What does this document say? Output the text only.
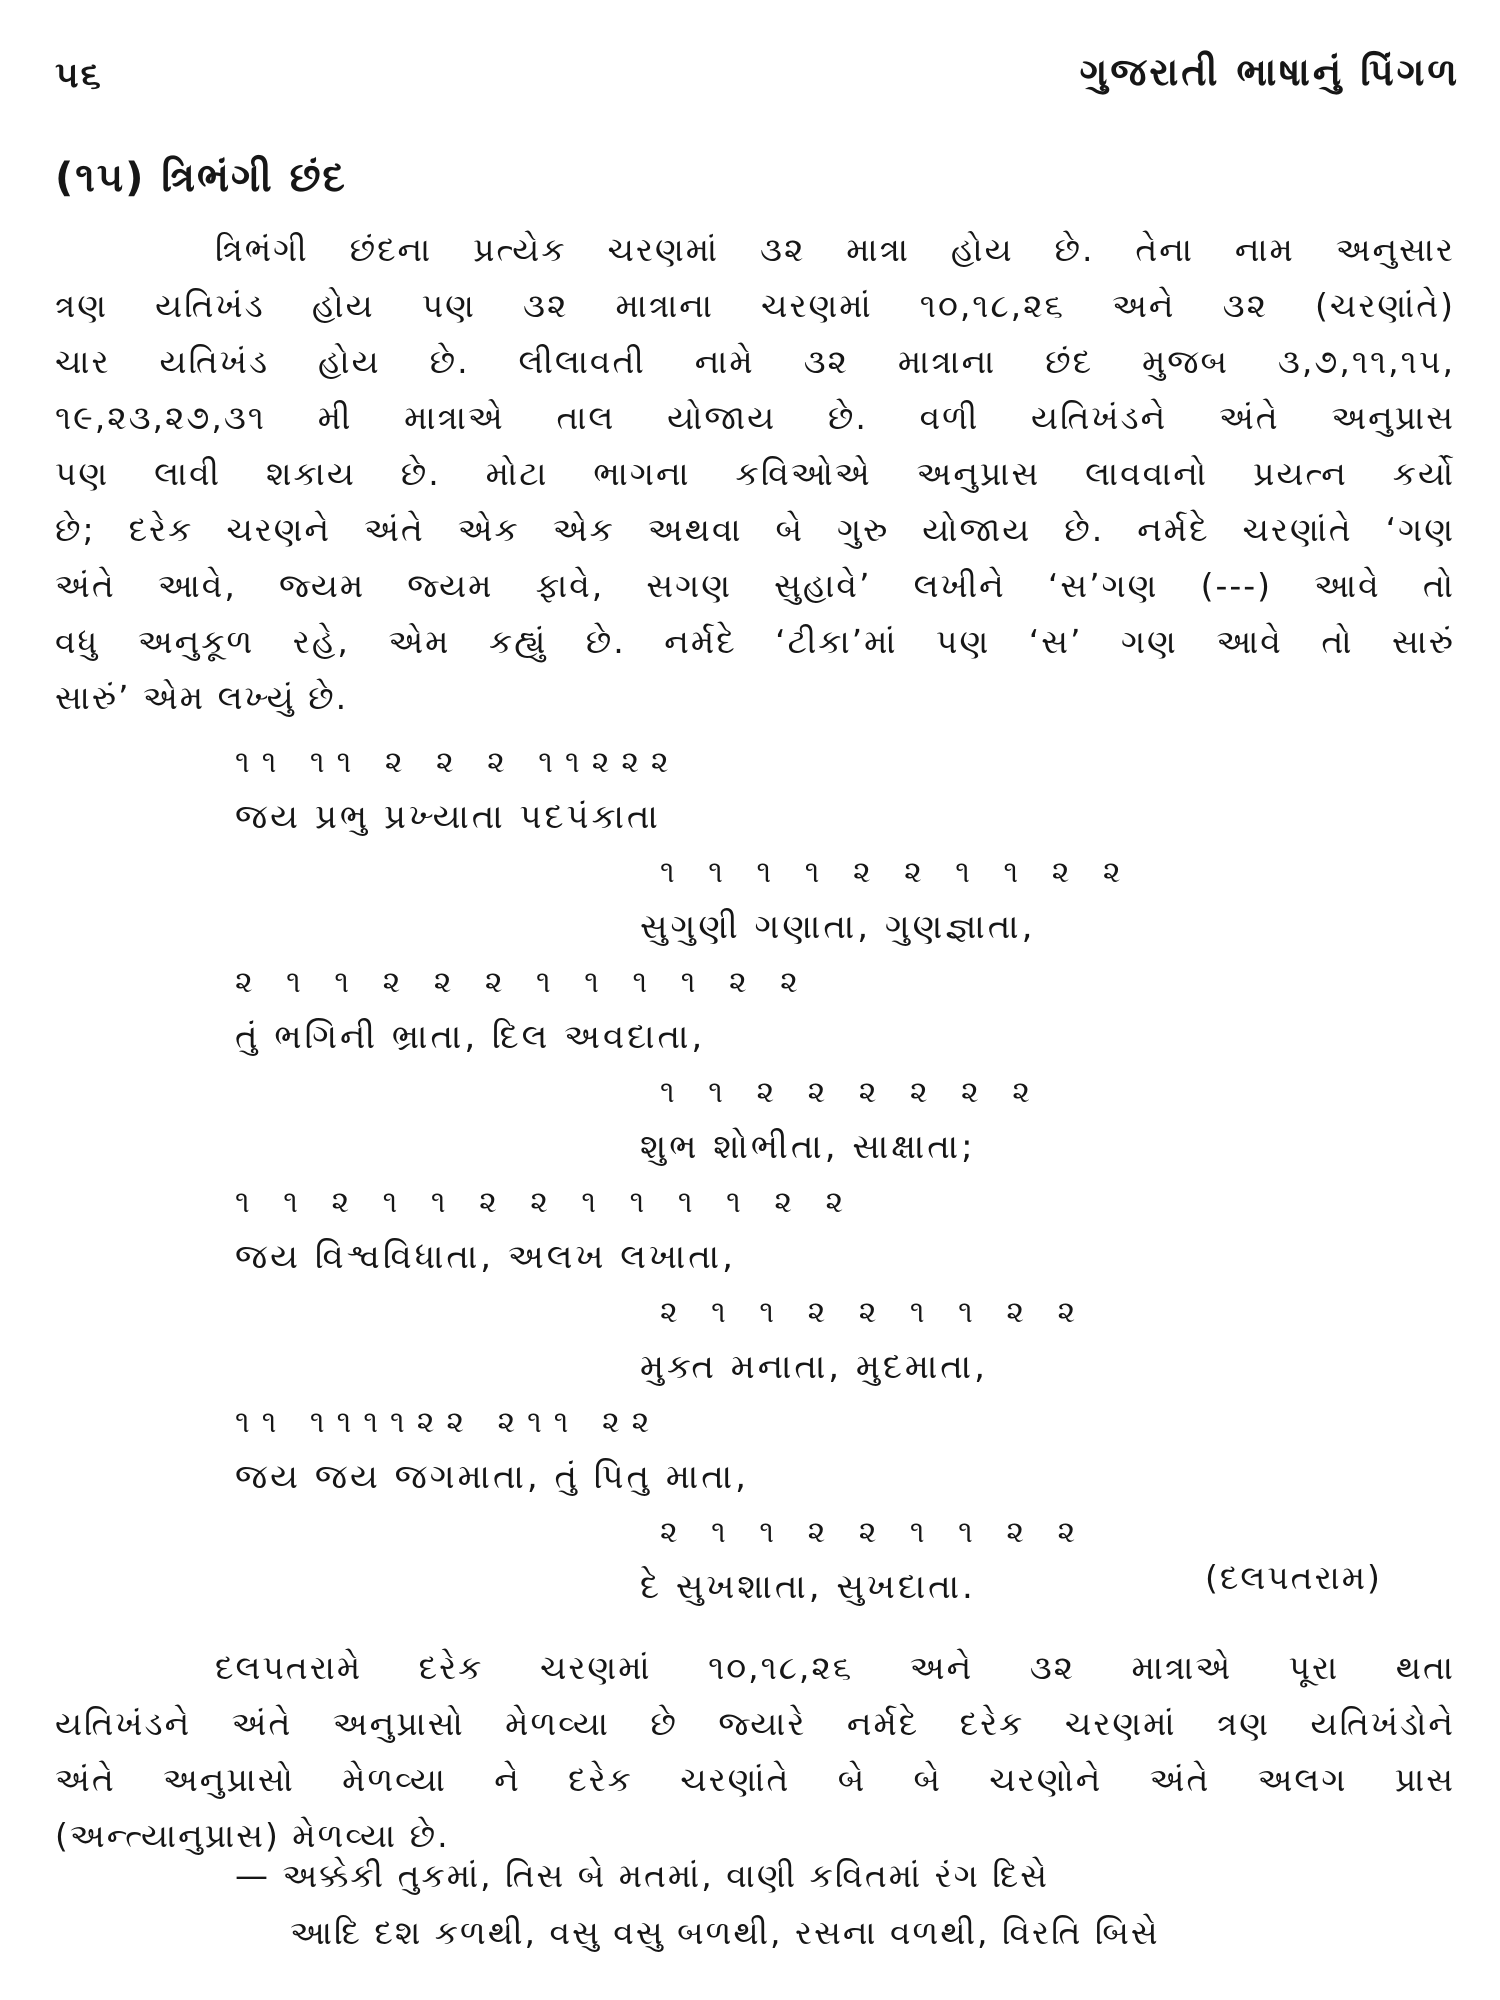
૫૬	ગુજરાતી ભાષાનું પિંગળ
(૧૫) ત્રિભંગી છંદ
ત્રિભંગી છંદના પ્રત્યેક ચરણમાં ૩૨ માત્રા હોય છે. તેના નામ અનુસાર
ત્રણ યતિખંડ હોય પણ ૩૨ માત્રાના ચરણમાં ૧૦,૧૮,૨૬ અને ૩૨ (ચરણાંતે)
ચાર યતિખંડ હોય છે. લીલાવતી નામે ૩૨ માત્રાના છંદ મુજબ ૩,૭,૧૧,૧૫,
૧૯,૨૩,૨૭,૩૧ મી માત્રાએ તાલ યોજાય છે. વળી યતિખંડને અંતે અનુપ્રાસ
પણ લાવી શકાય છે. મોટા ભાગના કવિઓએ અનુપ્રાસ લાવવાનો પ્રયત્ન કર્યો
છે; દરેક ચરણને અંતે એક એક અથવા બે ગુરુ યોજાય છે. નર્મદે ચરણાંતે ‘ગણ
અંતે આવે, જ્યમ જ્યમ ફાવે, સગણ સુહાવે’ લખીને ‘સ’ગણ (---) આવે તો
વધુ અનુકૂળ રહે, એમ કહ્યું છે. નર્મદે ‘ટીકા’માં પણ ‘સ’ ગણ આવે તો સારું
સારું’ એમ લખ્યું છે.
૧૧ ૧૧ ૨ ૨ ૨ ૧૧૨૨૨
જય પ્રભુ પ્રખ્યાતા પદપંકાતા
૧ ૧ ૧ ૧ ૨ ૨ ૧ ૧ ૨ ૨
સુગુણી ગણાતા, ગુણજ્ઞાતા,
૨ ૧ ૧ ૨ ૨ ૨ ૧ ૧ ૧ ૧ ૨ ૨
તું ભગિની ભ્રાતા, દિલ અવદાતા,
૧ ૧ ૨ ૨ ૨ ૨ ૨ ૨
શુભ શોભીતા, સાક્ષાતા;
૧ ૧ ૨ ૧ ૧ ૨ ૨ ૧ ૧ ૧ ૧ ૨ ૨
જય વિશ્વવિધાતા, અલખ લખાતા,
૨ ૧ ૧ ૨ ૨ ૧ ૧ ૨ ૨
મુક્ત મનાતા, મુદમાતા,
૧૧ ૧૧૧૧૨૨ ૨૧૧ ૨૨
જય જય જગમાતા, તું પિતુ માતા,
૨ ૧ ૧ ૨ ૨ ૧ ૧ ૨ ૨
દે સુખશાતા, સુખદાતા.	(દલપતરામ)
દલપતરામે દરેક ચરણમાં ૧૦,૧૮,૨૬ અને ૩૨ માત્રાએ પૂરા થતા
યતિખંડને અંતે અનુપ્રાસો મેળવ્યા છે જ્યારે નર્મદે દરેક ચરણમાં ત્રણ યતિખંડોને
અંતે અનુપ્રાસો મેળવ્યા ને દરેક ચરણાંતે બે બે ચરણોને અંતે અલગ પ્રાસ
(અન્ત્યાનુપ્રાસ) મેળવ્યા છે.
— અક્કેકી તુકમાં, તિસ બે મતમાં, વાણી કવિતમાં રંગ દિસે
આદિ દશ કળથી, વસુ વસુ બળથી, રસના વળથી, વિરતિ બિસે
